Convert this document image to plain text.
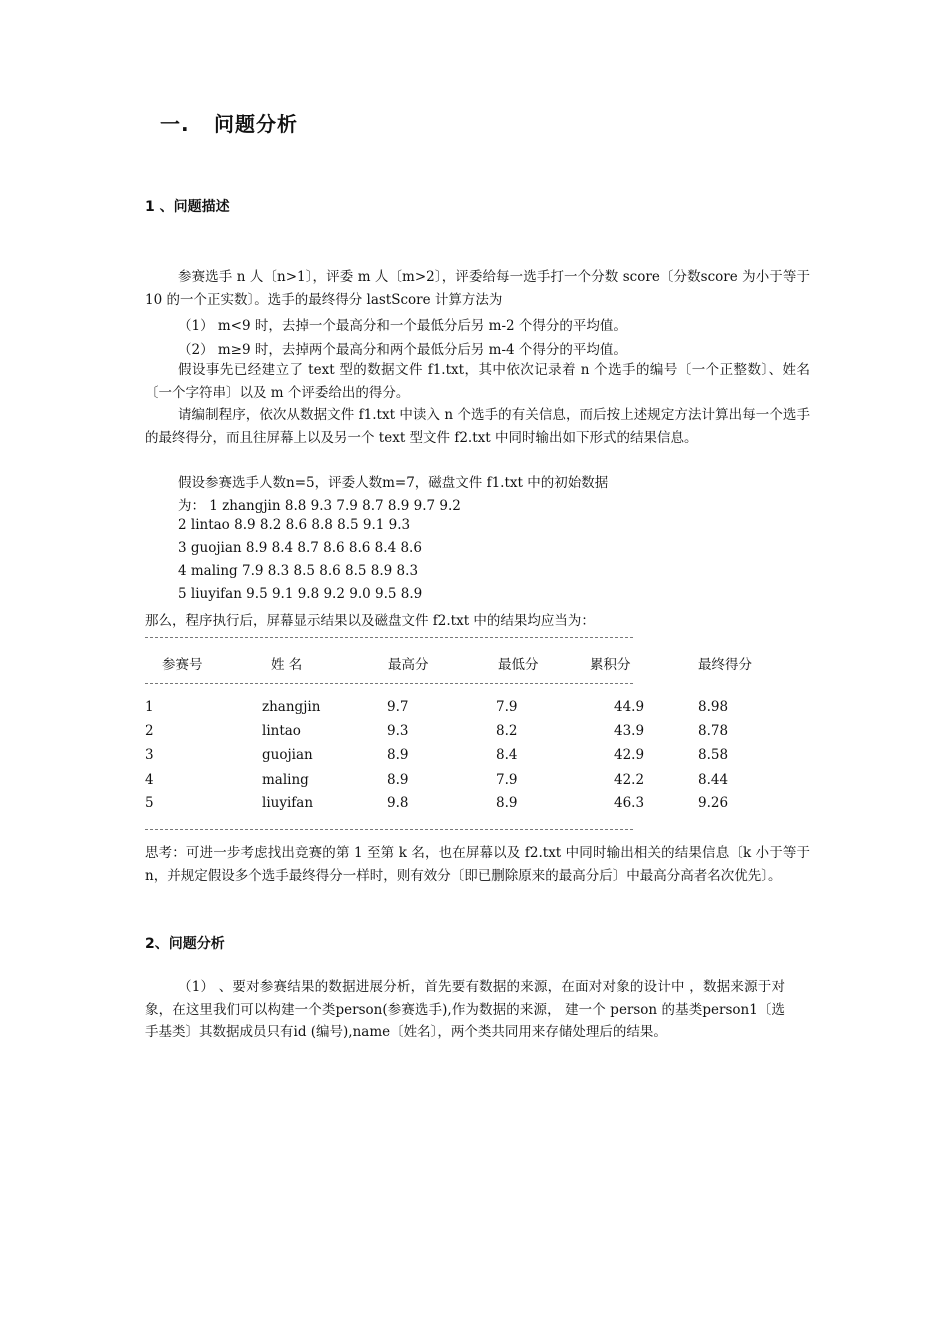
一. 问题分析
1 、问题描述

参赛选手 n 人〔n>1〕，评委 m 人〔m>2〕，评委给每一选手打一个分数 score〔分数score 为小于等于 10 的一个正实数〕。选手的最终得分 lastScore 计算方法为

（1） m<9 时，去掉一个最高分和一个最低分后另 m-2 个得分的平均值。
（2） m≥9 时，去掉两个最高分和两个最低分后另 m-4 个得分的平均值。

假设事先已经建立了 text 型的数据文件 f1.txt，其中依次记录着 n 个选手的编号〔一个正整数〕、姓名〔一个字符串〕以及 m 个评委给出的得分。

请编制程序，依次从数据文件 f1.txt 中读入 n 个选手的有关信息，而后按上述规定方法计算出每一个选手的最终得分，而且往屏幕上以及另一个 text 型文件 f2.txt 中同时输出如下形式的结果信息。

假设参赛选手人数n=5，评委人数m=7，磁盘文件 f1.txt 中的初始数据
为： 1 zhangjin 8.8 9.3 7.9 8.7 8.9 9.7 9.2
2 lintao 8.9 8.2 8.6 8.8 8.5 9.1 9.3
3 guojian 8.9 8.4 8.7 8.6 8.6 8.4 8.6
4 maling 7.9 8.3 8.5 8.6 8.5 8.9 8.3
5 liuyifan 9.5 9.1 9.8 9.2 9.0 9.5 8.9
那么，程序执行后，屏幕显示结果以及磁盘文件 f2.txt 中的结果均应当为：
参赛号	姓 名	最高分	最低分	累积分	最终得分
1	zhangjin	9.7	7.9	44.9	8.98
2	lintao	9.3	8.2	43.9	8.78
3	guojian	8.9	8.4	42.9	8.58
4	maling	8.9	7.9	42.2	8.44
5	liuyifan	9.8	8.9	46.3	9.26

思考：可进一步考虑找出竞赛的第 1 至第 k 名，也在屏幕以及 f2.txt 中同时输出相关的结果信息〔k 小于等于 n，并规定假设多个选手最终得分一样时，则有效分〔即已删除原来的最高分后〕中最高分高者名次优先〕。

2、问题分析

（1） 、要对参赛结果的数据进展分析，首先要有数据的来源，在面对对象的设计中 ，数据来源于对象，在这里我们可以构建一个类person(参赛选手),作为数据的来源， 建一个 person 的基类person1〔选手基类〕其数据成员只有id (编号),name〔姓名〕，两个类共同用来存储处理后的结果。
